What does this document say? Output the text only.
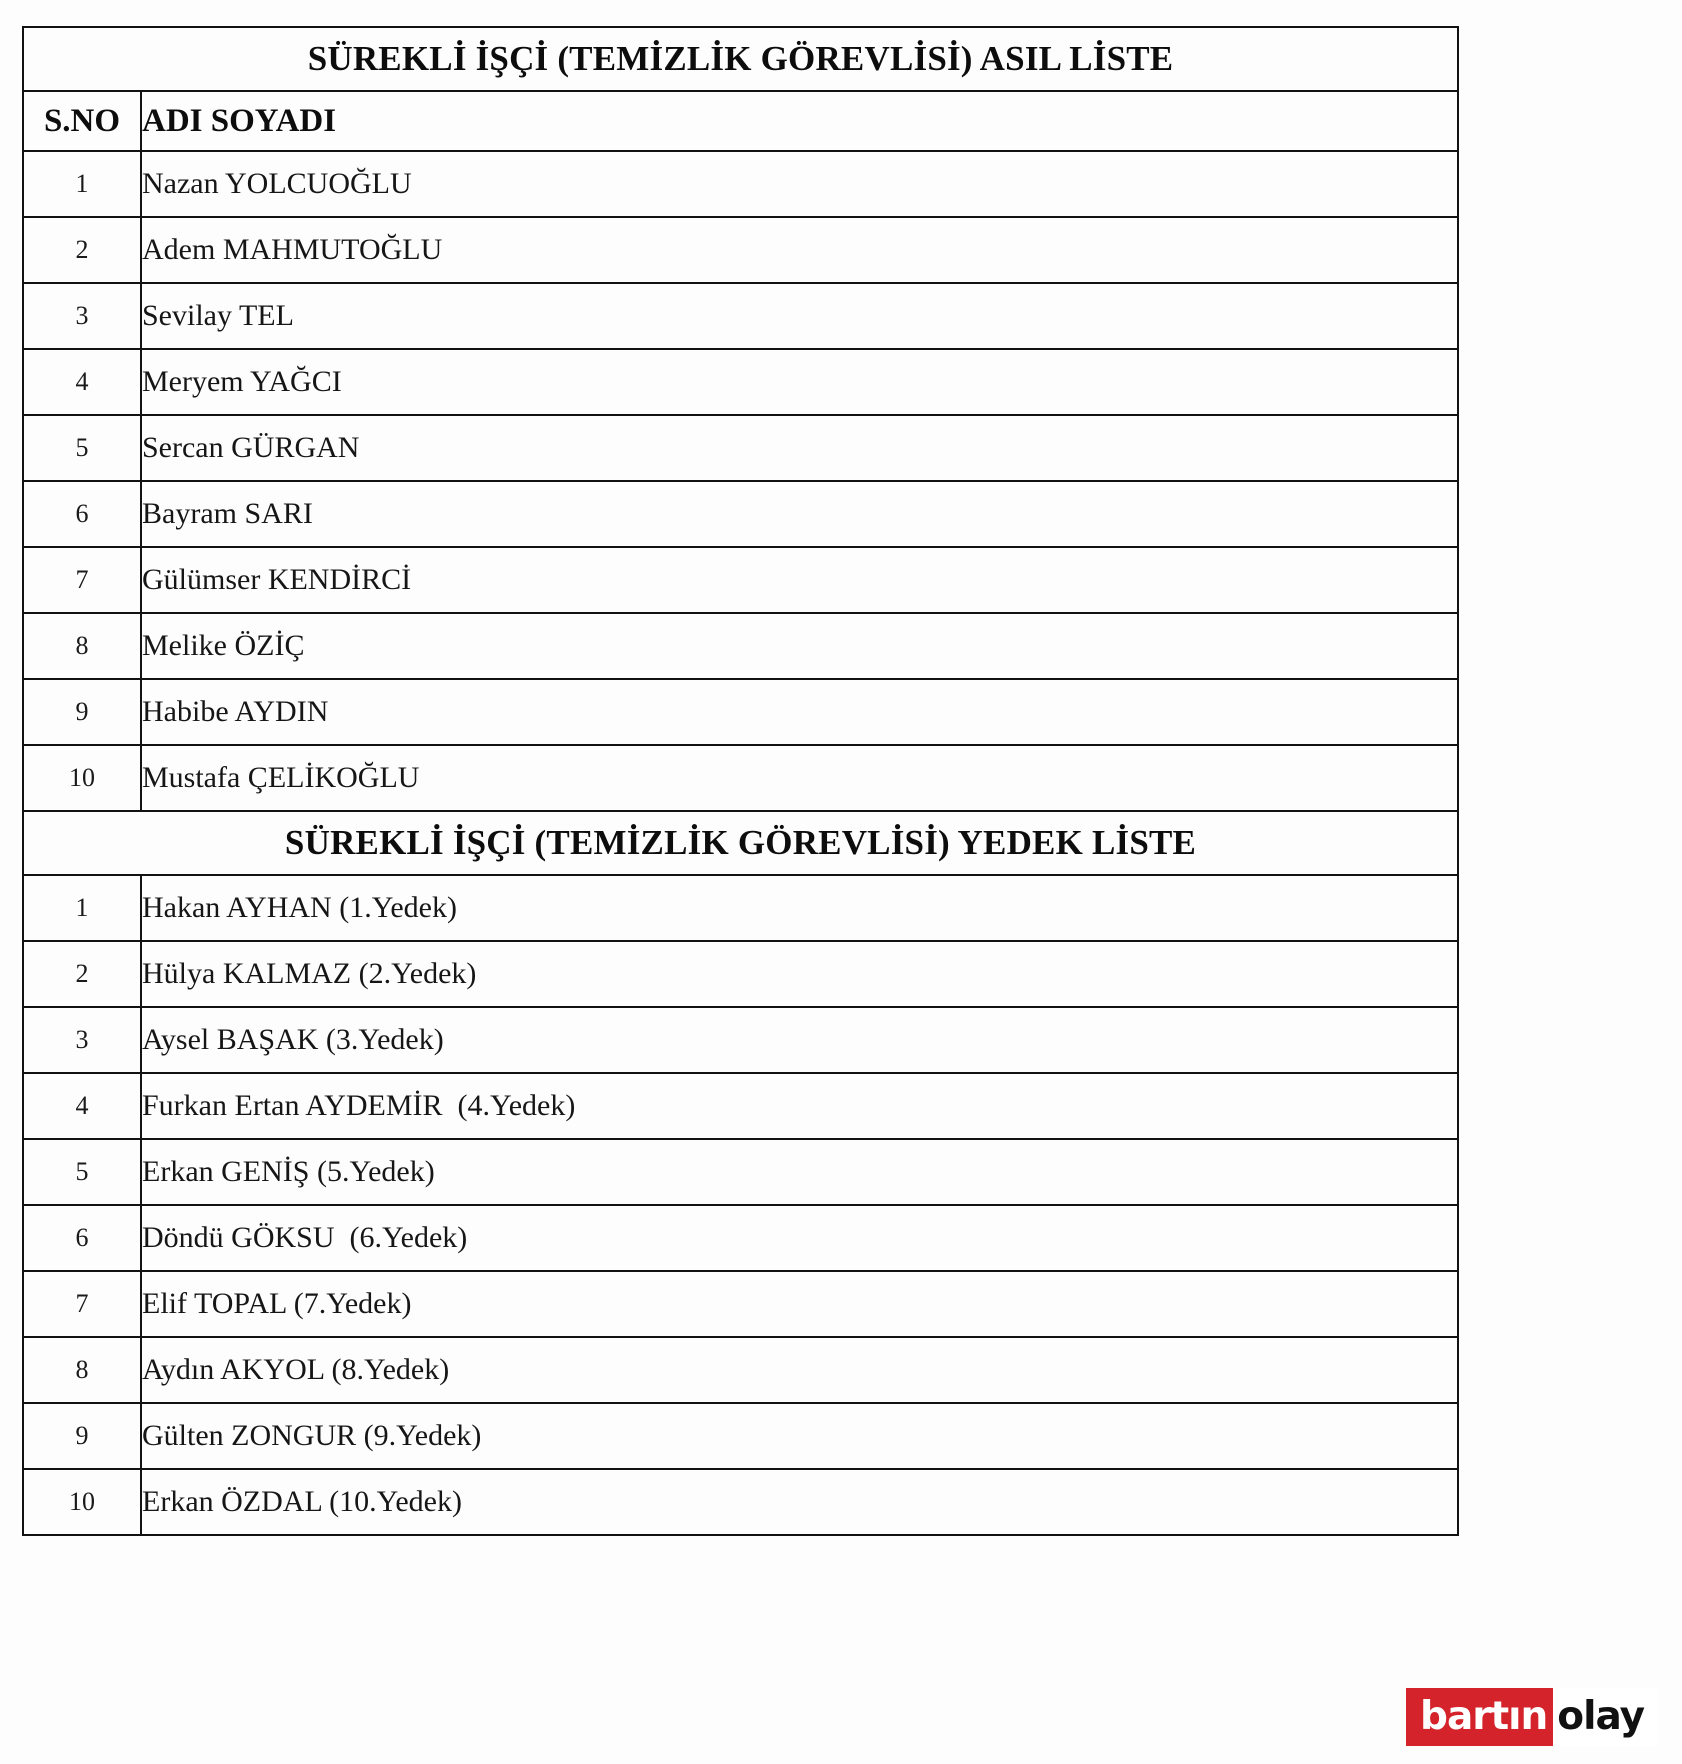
SÜREKLİ İŞÇİ (TEMİZLİK GÖREVLİSİ) ASIL LİSTE	
S.NO	ADI SOYADI
1	Nazan YOLCUOĞLU
2	Adem MAHMUTOĞLU
3	Sevilay TEL
4	Meryem YAĞCI
5	Sercan GÜRGAN
6	Bayram SARI
7	Gülümser KENDİRCİ
8	Melike ÖZİÇ
9	Habibe AYDIN
10	Mustafa ÇELİKOĞLU
SÜREKLİ İŞÇİ (TEMİZLİK GÖREVLİSİ) YEDEK LİSTE	
1	Hakan AYHAN (1.Yedek)
2	Hülya KALMAZ (2.Yedek)
3	Aysel BAŞAK (3.Yedek)
4	Furkan Ertan AYDEMİR  (4.Yedek)
5	Erkan GENİŞ (5.Yedek)
6	Döndü GÖKSU  (6.Yedek)
7	Elif TOPAL (7.Yedek)
8	Aydın AKYOL (8.Yedek)
9	Gülten ZONGUR (9.Yedek)
10	Erkan ÖZDAL (10.Yedek)
bartın olay
